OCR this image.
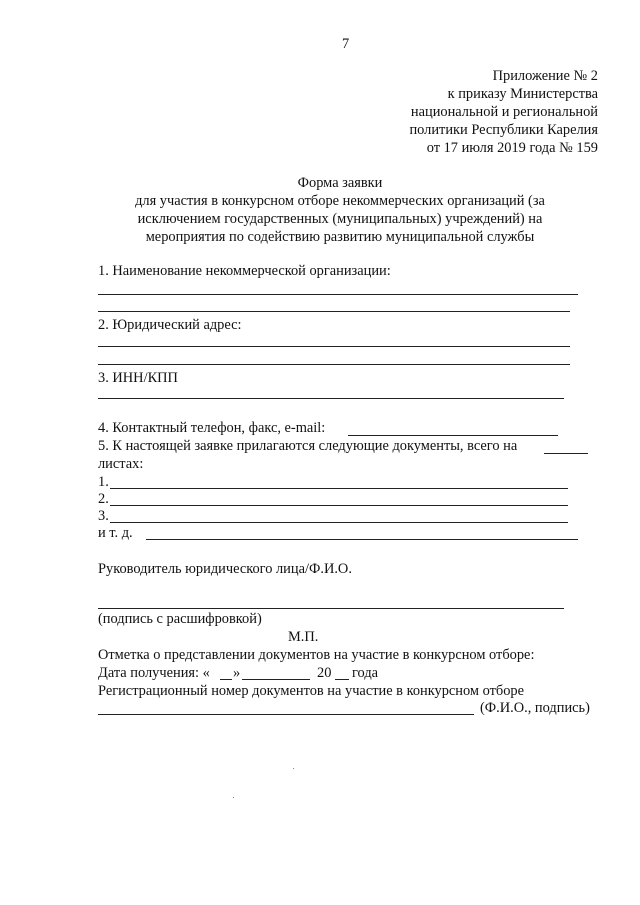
7
Приложение № 2
к приказу Министерства
национальной и региональной
политики Республики Карелия
от 17 июля 2019 года № 159
Форма заявки
для участия в конкурсном отборе некоммерческих организаций (за
исключением государственных (муниципальных) учреждений) на
мероприятия по содействию развитию муниципальной службы
1. Наименование некоммерческой организации:
2. Юридический адрес:
3. ИНН/КПП
4. Контактный телефон, факс, e-mail:
5. К настоящей заявке прилагаются следующие документы, всего на
листах:
1.
2.
3.
и т. д.
Руководитель юридического лица/Ф.И.О.
(подпись с расшифровкой)
М.П.
Отметка о представлении документов на участие в конкурсном отборе:
Дата получения: « »	20 года
Регистрационный номер документов на участие в конкурсном отборе
(Ф.И.О., подпись)
